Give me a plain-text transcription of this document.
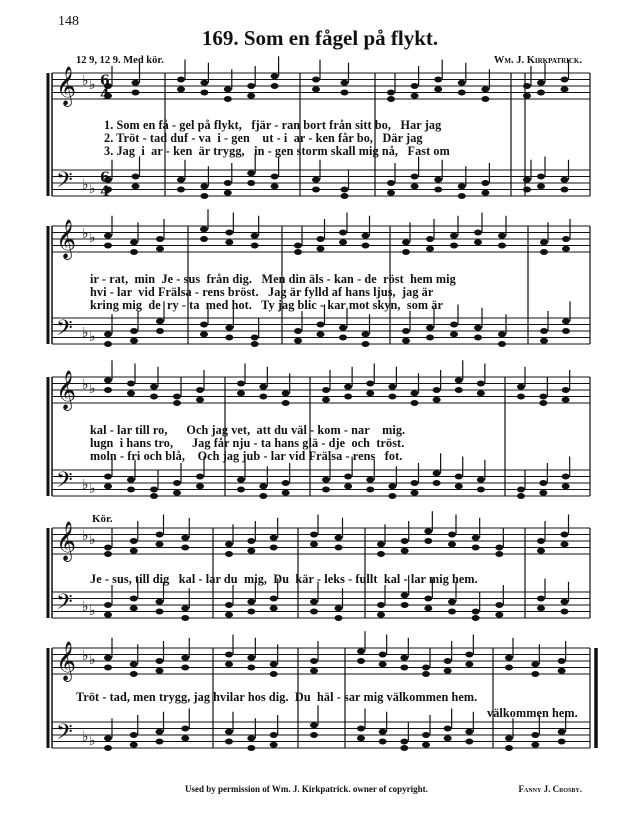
148
169. Som en fågel på flykt.
12 9, 12 9. Med kör.	Wm. J. Kirkpatrick.
𝄞 ♭ ♭
𝄢 ♭ ♭
𝄞 ♭ ♭
𝄢 ♭ ♭
𝄞 ♭ ♭
𝄢 ♭ ♭
𝄞 ♭ ♭
𝄢 ♭ ♭
𝄞 ♭ ♭
𝄢 ♭ ♭
6
4
6
4

1. Som en få - gel på flykt,   fjär - ran bort från sitt bo,   Har jag

2. Tröt - tad duf - va  i - gen    ut - i  ar - ken får bo,   Där jag

3. Jag  i  ar - ken  är trygg,   in - gen storm skall mig nå,   Fast om

ir - rat,  min  Je - sus  från dig.   Men din äls - kan - de  röst  hem mig

hvi - lar  vid Frälsa - rens bröst.   Jag är fylld af hans ljus,  jag är

kring mig  de  ry - ta  med hot.   Ty jag blic - kar mot skyn,  som är

kal - lar till ro,      Och jag vet,  att du väl - kom - nar    mig.

lugn  i hans tro,      Jag får nju - ta hans glä - dje  och  tröst.

moln - fri och blå,    Och jag jub - lar vid Frälsa - rens   fot.

Kör.

Je - sus, till dig   kal - lar du  mig,  Du  kär - leks - fullt  kal - lar mig hem.

Tröt - tad, men trygg, jag hvilar hos dig.  Du  häl - sar mig välkommen hem.

välkommen hem.

Used by permission of Wm. J. Kirkpatrick. owner of copyright.	Fanny J. Crosby.
